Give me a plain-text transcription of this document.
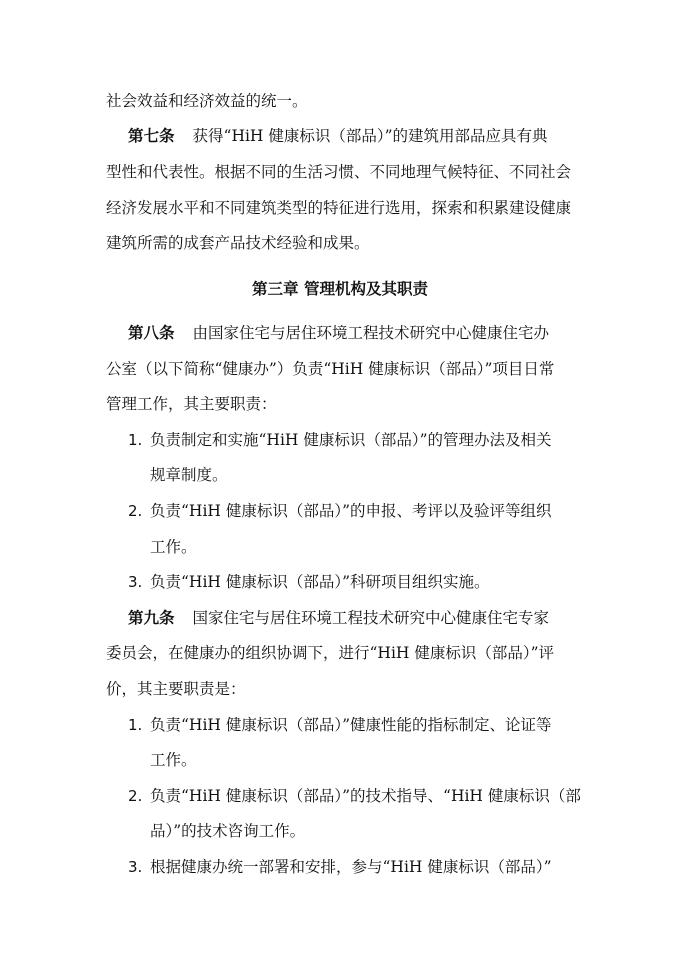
社会效益和经济效益的统一。
第七条 获得“HiH 健康标识（部品）”的建筑用部品应具有典
型性和代表性。根据不同的生活习惯、不同地理气候特征、不同社会
经济发展水平和不同建筑类型的特征进行选用，探索和积累建设健康
建筑所需的成套产品技术经验和成果。
第三章 管理机构及其职责
第八条 由国家住宅与居住环境工程技术研究中心健康住宅办
公室（以下简称“健康办”）负责“HiH 健康标识（部品）”项目日常
管理工作，其主要职责：
1. 负责制定和实施“HiH 健康标识（部品）”的管理办法及相关
规章制度。
2. 负责“HiH 健康标识（部品）”的申报、考评以及验评等组织
工作。
3. 负责“HiH 健康标识（部品）”科研项目组织实施。
第九条 国家住宅与居住环境工程技术研究中心健康住宅专家
委员会，在健康办的组织协调下，进行“HiH 健康标识（部品）”评
价，其主要职责是：
1. 负责“HiH 健康标识（部品）”健康性能的指标制定、论证等
工作。
2. 负责“HiH 健康标识（部品）”的技术指导、“HiH 健康标识（部
品）”的技术咨询工作。
3. 根据健康办统一部署和安排，参与“HiH 健康标识（部品）”
